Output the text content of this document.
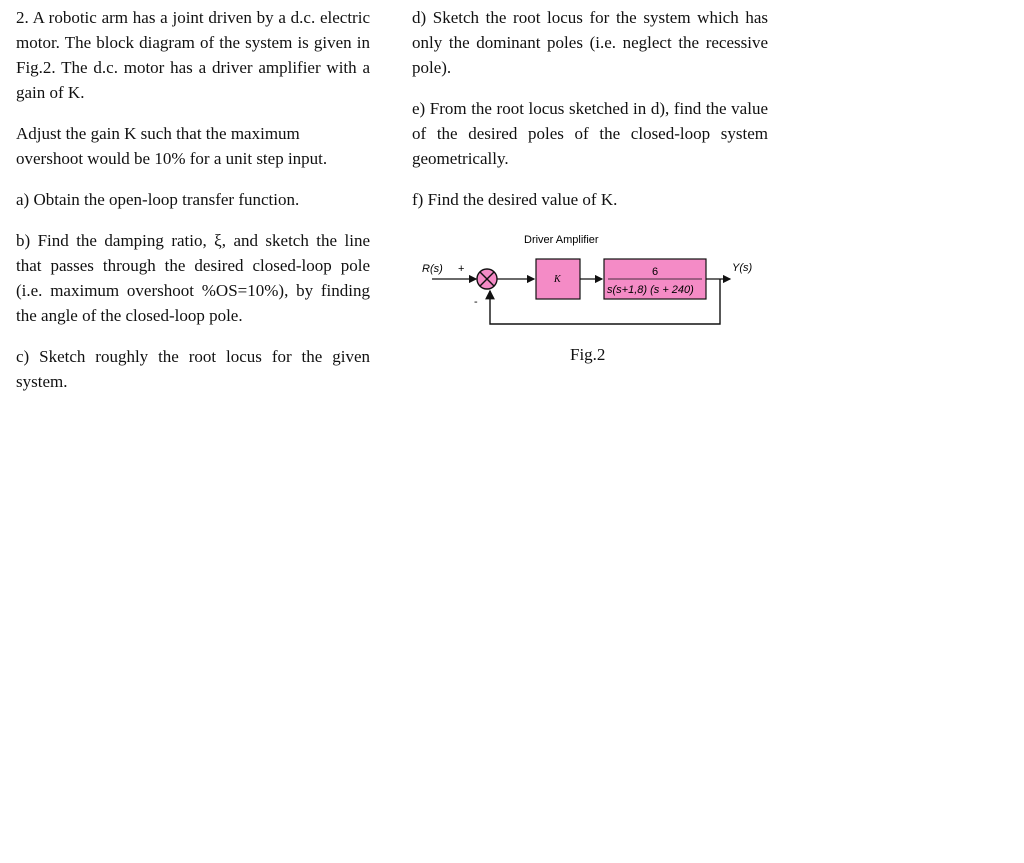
2. A robotic arm has a joint driven by a d.c. electric motor. The block diagram of the system is given in Fig.2. The d.c. motor has a driver amplifier with a gain of K.

Adjust the gain K such that the maximum overshoot would be 10% for a unit step input.

a) Obtain the open-loop transfer function.

b) Find the damping ratio, ξ, and sketch the line that passes through the desired closed-loop pole (i.e. maximum overshoot %OS=10%), by finding the angle of the closed-loop pole.

c) Sketch roughly the root locus for the given system.

d) Sketch the root locus for the system which has only the dominant poles (i.e. neglect the recessive pole).

e) From the root locus sketched in d), find the value of the desired poles of the closed-loop system geometrically.

f) Find the desired value of K.

Driver Amplifier
R(s) +
-
K
6
s(s+1,8) (s + 240)
Y(s)
Fig.2
